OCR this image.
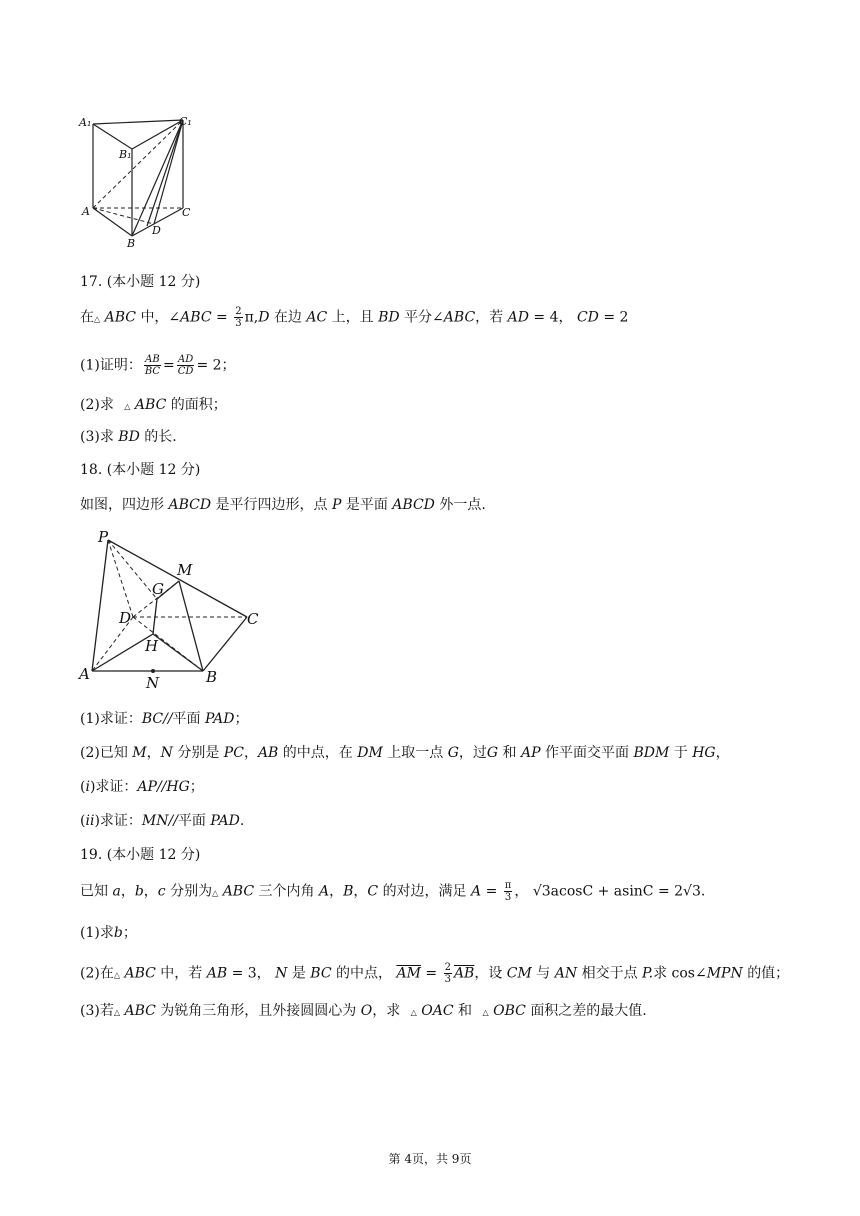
A₁	C₁
B₁
A	C
B
D
17. (本小题 12 分)
在△ ABC 中，∠ABC = $\frac{2}{3} \pi,D$ 在边 AC 上，且 BD 平分∠ABC，若 AD = 4， CD = 2
(1)证明： $\frac{AB}{BC} = \frac{AD}{CD} = 2$；
(2)求 △ ABC 的面积；
(3)求 BD 的长.
18. (本小题 12 分)
如图，四边形 ABCD 是平行四边形，点 P 是平面 ABCD 外一点.
P
M
G
D	C
H
A	N	B
(1)求证：BC//平面 PAD；
(2)已知 M，N 分别是 PC，AB 的中点，在 DM 上取一点 G，过G 和 AP 作平面交平面 BDM 于 HG，
(i)求证：AP//HG；
(ii)求证：MN//平面 PAD.
19. (本小题 12 分)
已知 a，b，c 分别为△ ABC 三个内角 A，B，C 的对边，满足 $A = \frac{\pi}{3}$ ， √3acosC + asinC = 2√3.
(1)求b；
(2)在△ ABC 中，若 AB = 3， N 是 BC 的中点， $\overline{AM} = \frac{2}{3} \overline{AB}$，设 CM 与 AN 相交于点 P.求 cos∠MPN 的值；
(3)若△ ABC 为锐角三角形，且外接圆圆心为 O，求 △ OAC 和 △ OBC 面积之差的最大值.
第 4页，共 9页
